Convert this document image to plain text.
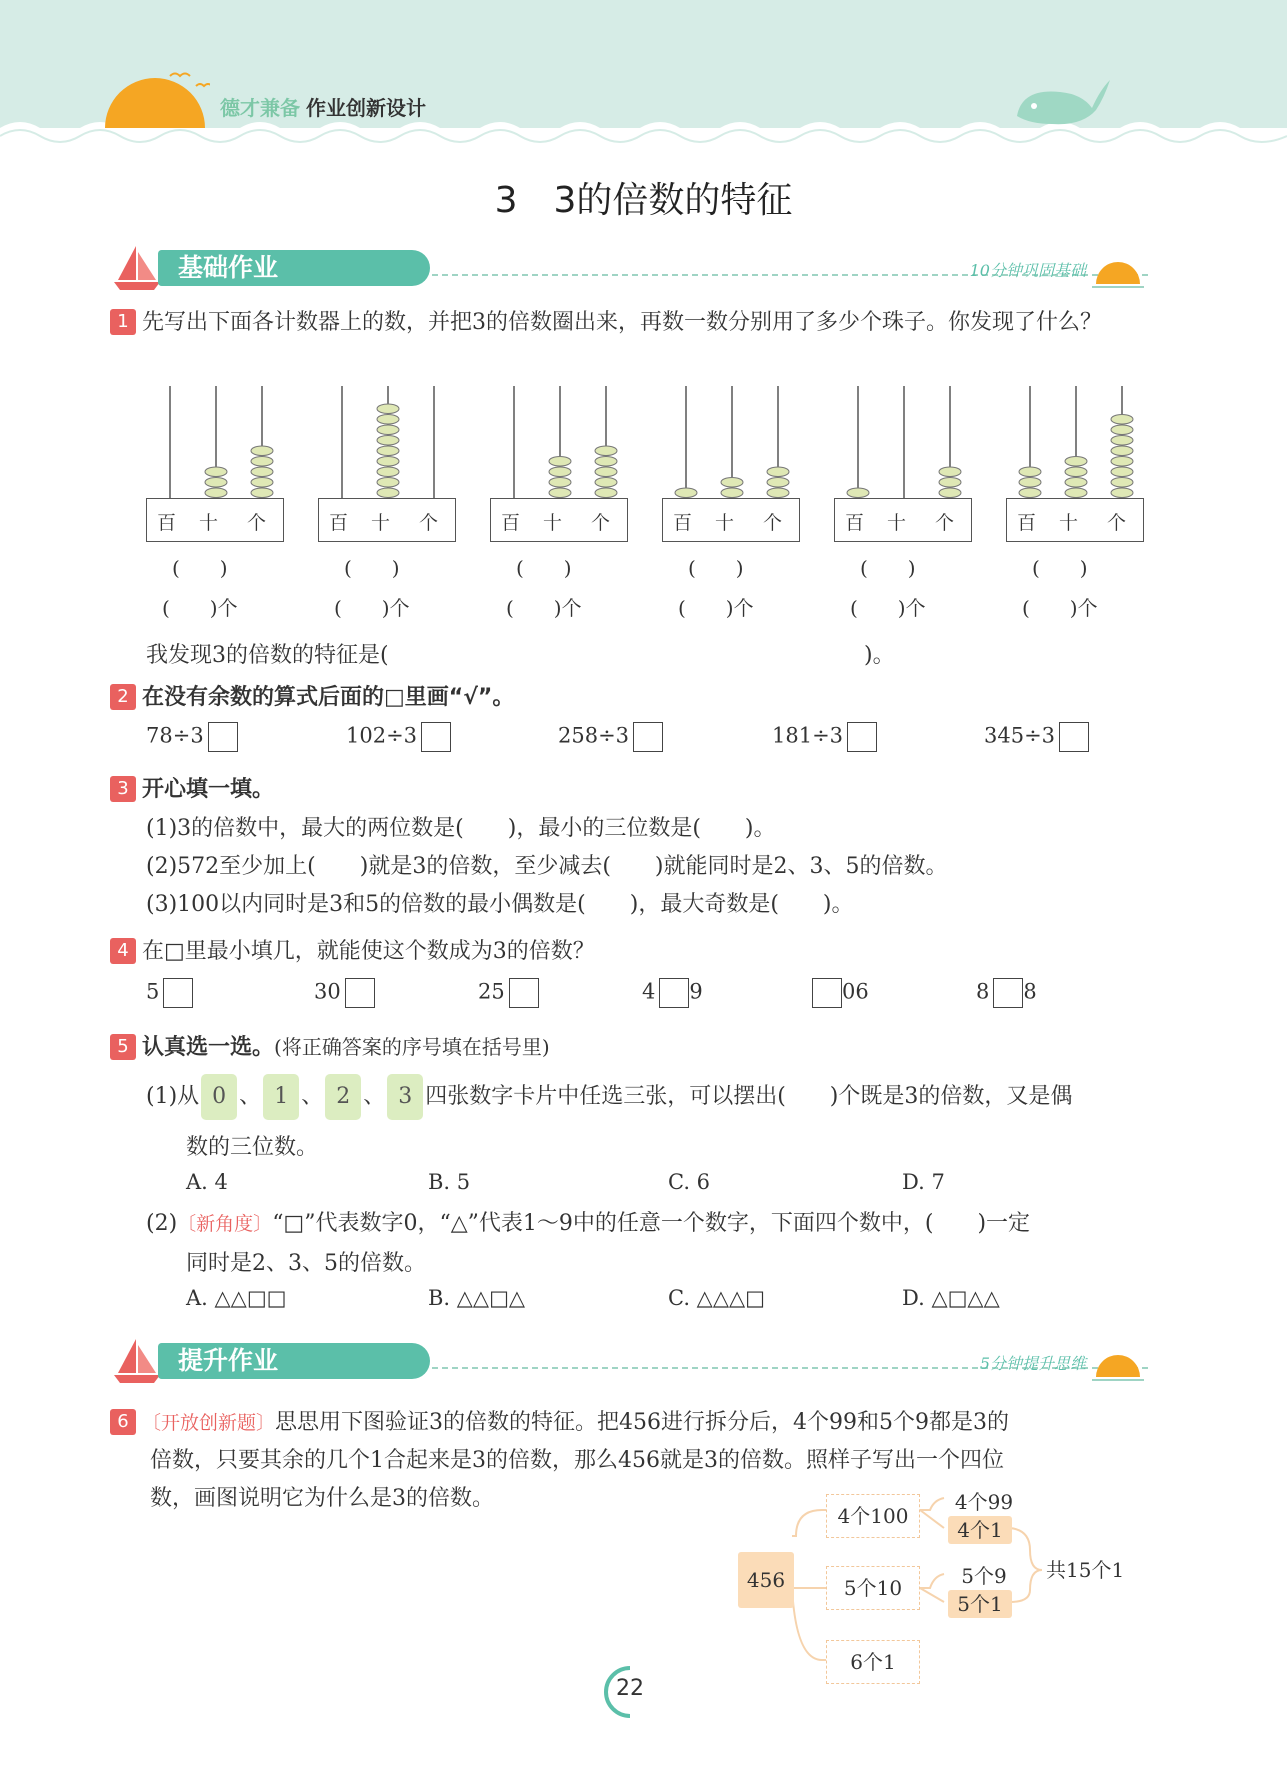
德才兼备 作业创新设计
3　3的倍数的特征
基础作业	10分钟巩固基础
1 先写出下面各计数器上的数，并把3的倍数圈出来，再数一数分别用了多少个珠子。你发现了什么？
百 十 个
(　　)
(　　)个
百 十 个
(　　)
(　　)个
百 十 个
(　　)
(　　)个
百 十 个
(　　)
(　　)个
百 十 个
(　　)
(　　)个
百 十 个
(　　)
(　　)个
我发现3的倍数的特征是(	)。
2 在没有余数的算式后面的□里画“√”。
78÷3	102÷3	258÷3	181÷3	345÷3
3 开心填一填。
(1)3的倍数中，最大的两位数是(　　)，最小的三位数是(　　)。
(2)572至少加上(　　)就是3的倍数，至少减去(　　)就能同时是2、3、5的倍数。
(3)100以内同时是3和5的倍数的最小偶数是(　　)，最大奇数是(　　)。
4 在□里最小填几，就能使这个数成为3的倍数？
5	30	25	4 9	06	8 8
5 认真选一选。(将正确答案的序号填在括号里)
(1)从 0 、 1 、 2 、 3 四张数字卡片中任选三张，可以摆出(　　)个既是3的倍数，又是偶
数的三位数。
A. 4	B. 5	C. 6	D. 7
(2)〔新角度〕“□”代表数字0，“△”代表1～9中的任意一个数字，下面四个数中，(　　)一定
同时是2、3、5的倍数。
A. △△□□	B. △△□△	C. △△△□	D. △□△△
提升作业	5分钟提升思维
6 〔开放创新题〕思思用下图验证3的倍数的特征。把456进行拆分后，4个99和5个9都是3的
倍数，只要其余的几个1合起来是3的倍数，那么456就是3的倍数。照样子写出一个四位
数，画图说明它为什么是3的倍数。
456
4个100
5个10
6个1
4个99
4个1
5个9
5个1
共15个1
22
